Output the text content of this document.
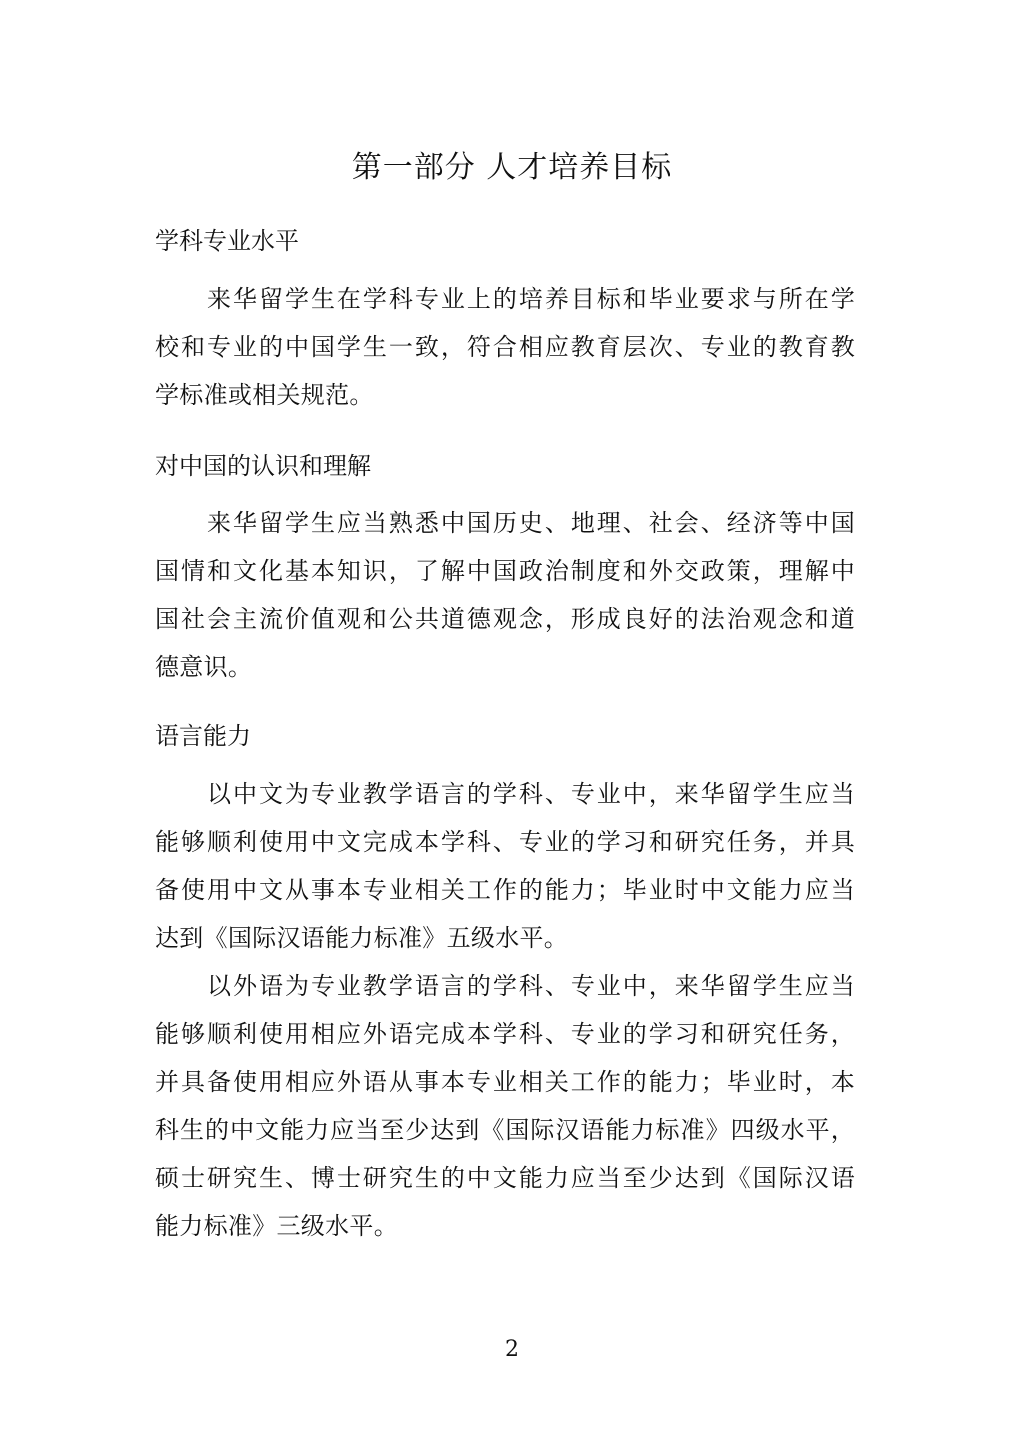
第一部分 人才培养目标
学科专业水平
来华留学生在学科专业上的培养目标和毕业要求与所在学
校和专业的中国学生一致，符合相应教育层次、专业的教育教
学标准或相关规范。
对中国的认识和理解
来华留学生应当熟悉中国历史、地理、社会、经济等中国
国情和文化基本知识，了解中国政治制度和外交政策，理解中
国社会主流价值观和公共道德观念，形成良好的法治观念和道
德意识。
语言能力
以中文为专业教学语言的学科、专业中，来华留学生应当
能够顺利使用中文完成本学科、专业的学习和研究任务，并具
备使用中文从事本专业相关工作的能力；毕业时中文能力应当
达到《国际汉语能力标准》五级水平。
以外语为专业教学语言的学科、专业中，来华留学生应当
能够顺利使用相应外语完成本学科、专业的学习和研究任务，
并具备使用相应外语从事本专业相关工作的能力；毕业时，本
科生的中文能力应当至少达到《国际汉语能力标准》四级水平，
硕士研究生、博士研究生的中文能力应当至少达到《国际汉语
能力标准》三级水平。
2
